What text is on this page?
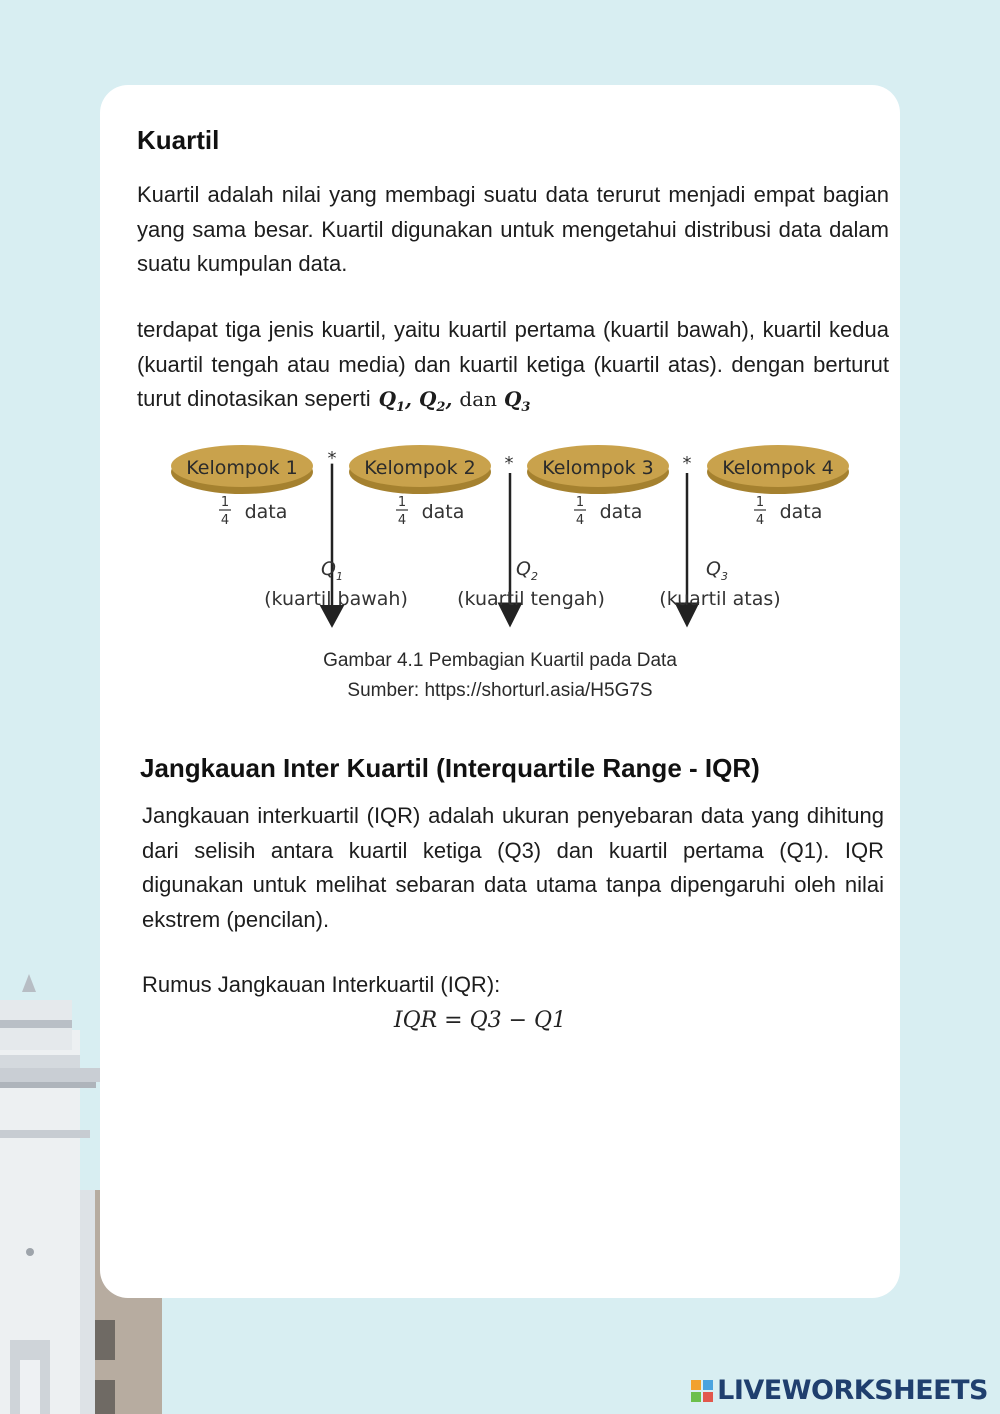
Kuartil

Kuartil adalah nilai yang membagi suatu data terurut menjadi empat bagian yang sama besar. Kuartil digunakan untuk mengetahui distribusi data dalam suatu kumpulan data.

terdapat tiga jenis kuartil, yaitu kuartil pertama (kuartil bawah), kuartil kedua (kuartil tengah atau media) dan kuartil ketiga (kuartil atas). dengan berturut turut dinotasikan seperti $Q_1$, $Q_2$, dan $Q_3$

Kelompok 1	Kelompok 2	Kelompok 3	Kelompok 4
*	*	*
1
4 data	1
4 data	1
4 data	1
4 data
$Q_1$
(kuartil bawah)
$Q_2$
(kuartil tengah)
$Q_3$
(kuartil atas)

Gambar 4.1 Pembagian Kuartil pada Data

Sumber: https://shorturl.asia/H5G7S

Jangkauan Inter Kuartil (Interquartile Range - IQR)

Jangkauan interkuartil (IQR) adalah ukuran penyebaran data yang dihitung dari selisih antara kuartil ketiga (Q3) dan kuartil pertama (Q1). IQR digunakan untuk melihat sebaran data utama tanpa dipengaruhi oleh nilai ekstrem (pencilan).

Rumus Jangkauan Interkuartil (IQR):

IQR = Q3 − Q1
LIVEWORKSHEETS
